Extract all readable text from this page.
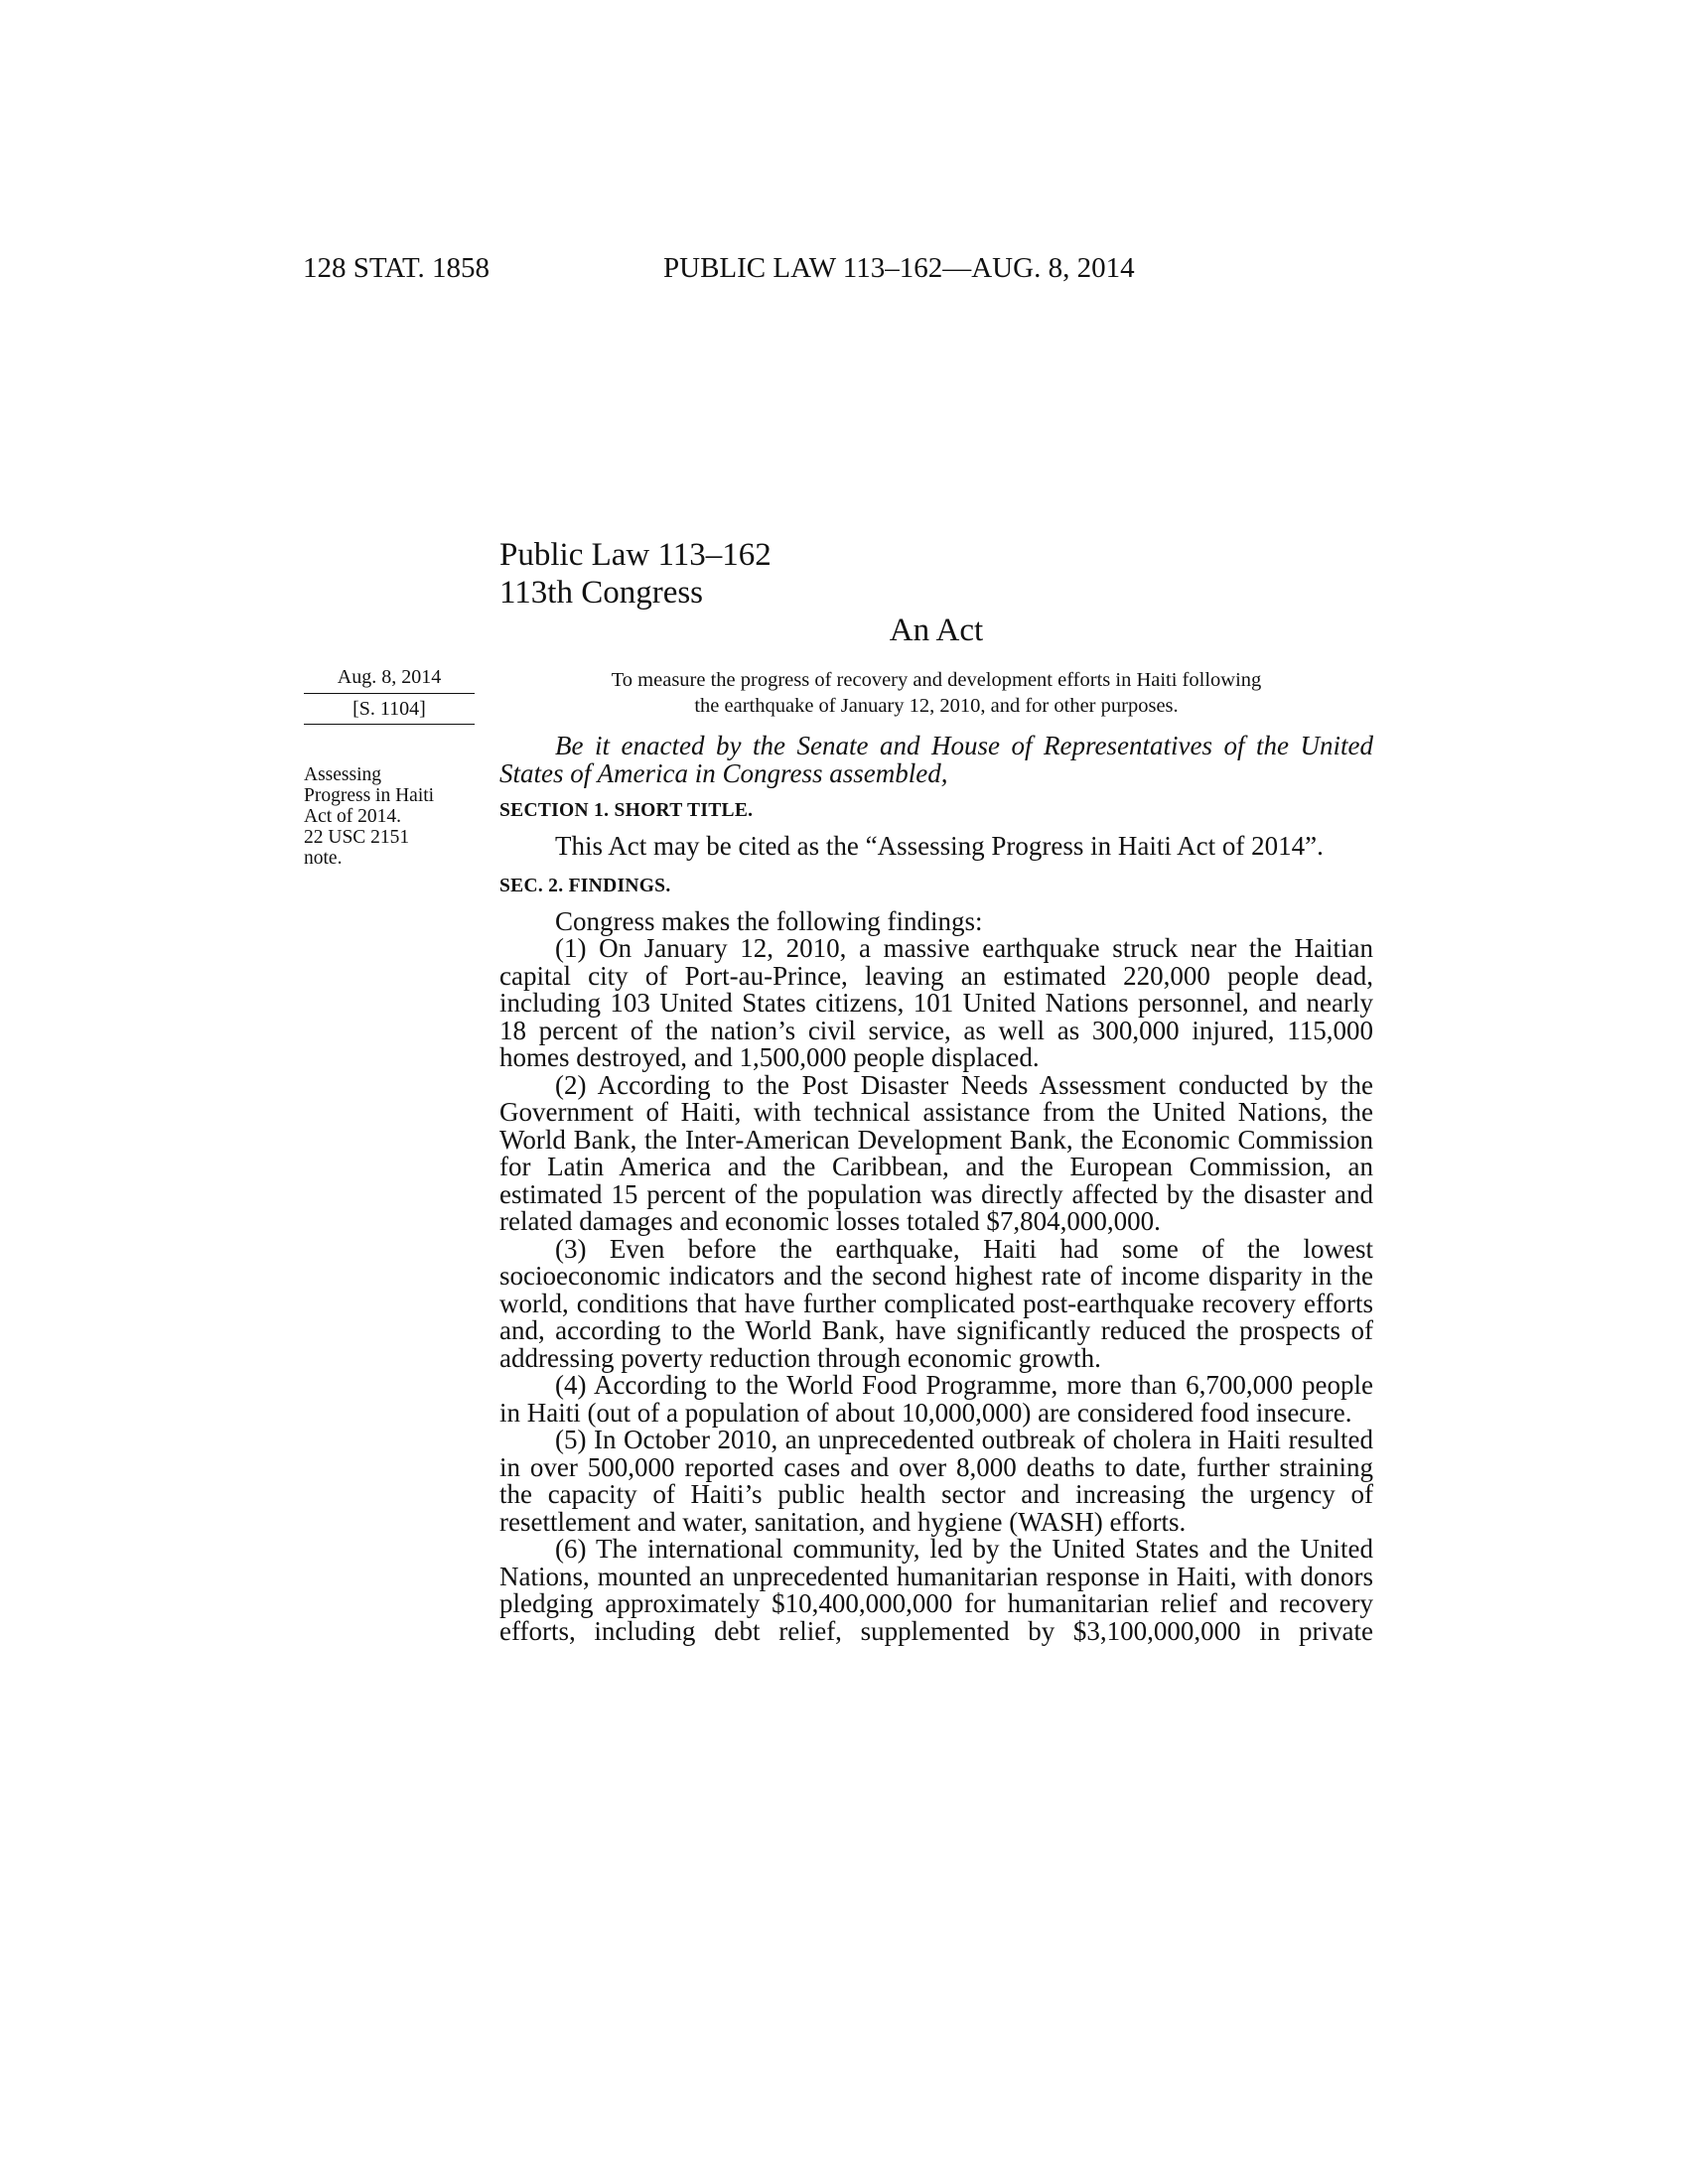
128 STAT. 1858	PUBLIC LAW 113–162—AUG. 8, 2014
Public Law 113–162
113th Congress
An Act
To measure the progress of recovery and development efforts in Haiti following
the earthquake of January 12, 2010, and for other purposes.
Aug. 8, 2014
[S. 1104]
Assessing
Progress in Haiti
Act of 2014.
22 USC 2151
note.

Be it enacted by the Senate and House of Representatives of the United States of America in Congress assembled,

SECTION 1. SHORT TITLE.

This Act may be cited as the “Assessing Progress in Haiti Act of 2014”.

SEC. 2. FINDINGS.

Congress makes the following findings:

(1) On January 12, 2010, a massive earthquake struck near the Haitian capital city of Port-au-Prince, leaving an estimated 220,000 people dead, including 103 United States citizens, 101 United Nations personnel, and nearly 18 percent of the nation’s civil service, as well as 300,000 injured, 115,000 homes destroyed, and 1,500,000 people displaced.

(2) According to the Post Disaster Needs Assessment conducted by the Government of Haiti, with technical assistance from the United Nations, the World Bank, the Inter-American Development Bank, the Economic Commission for Latin America and the Caribbean, and the European Commission, an estimated 15 percent of the population was directly affected by the disaster and related damages and economic losses totaled $7,804,000,000.

(3) Even before the earthquake, Haiti had some of the lowest socioeconomic indicators and the second highest rate of income disparity in the world, conditions that have further complicated post-earthquake recovery efforts and, according to the World Bank, have significantly reduced the prospects of addressing poverty reduction through economic growth.

(4) According to the World Food Programme, more than 6,700,000 people in Haiti (out of a population of about 10,000,000) are considered food insecure.

(5) In October 2010, an unprecedented outbreak of cholera in Haiti resulted in over 500,000 reported cases and over 8,000 deaths to date, further straining the capacity of Haiti’s public health sector and increasing the urgency of resettlement and water, sanitation, and hygiene (WASH) efforts.

(6) The international community, led by the United States and the United Nations, mounted an unprecedented humanitarian response in Haiti, with donors pledging approximately $10,400,000,000 for humanitarian relief and recovery efforts, including debt relief, supplemented by $3,100,000,000 in private
